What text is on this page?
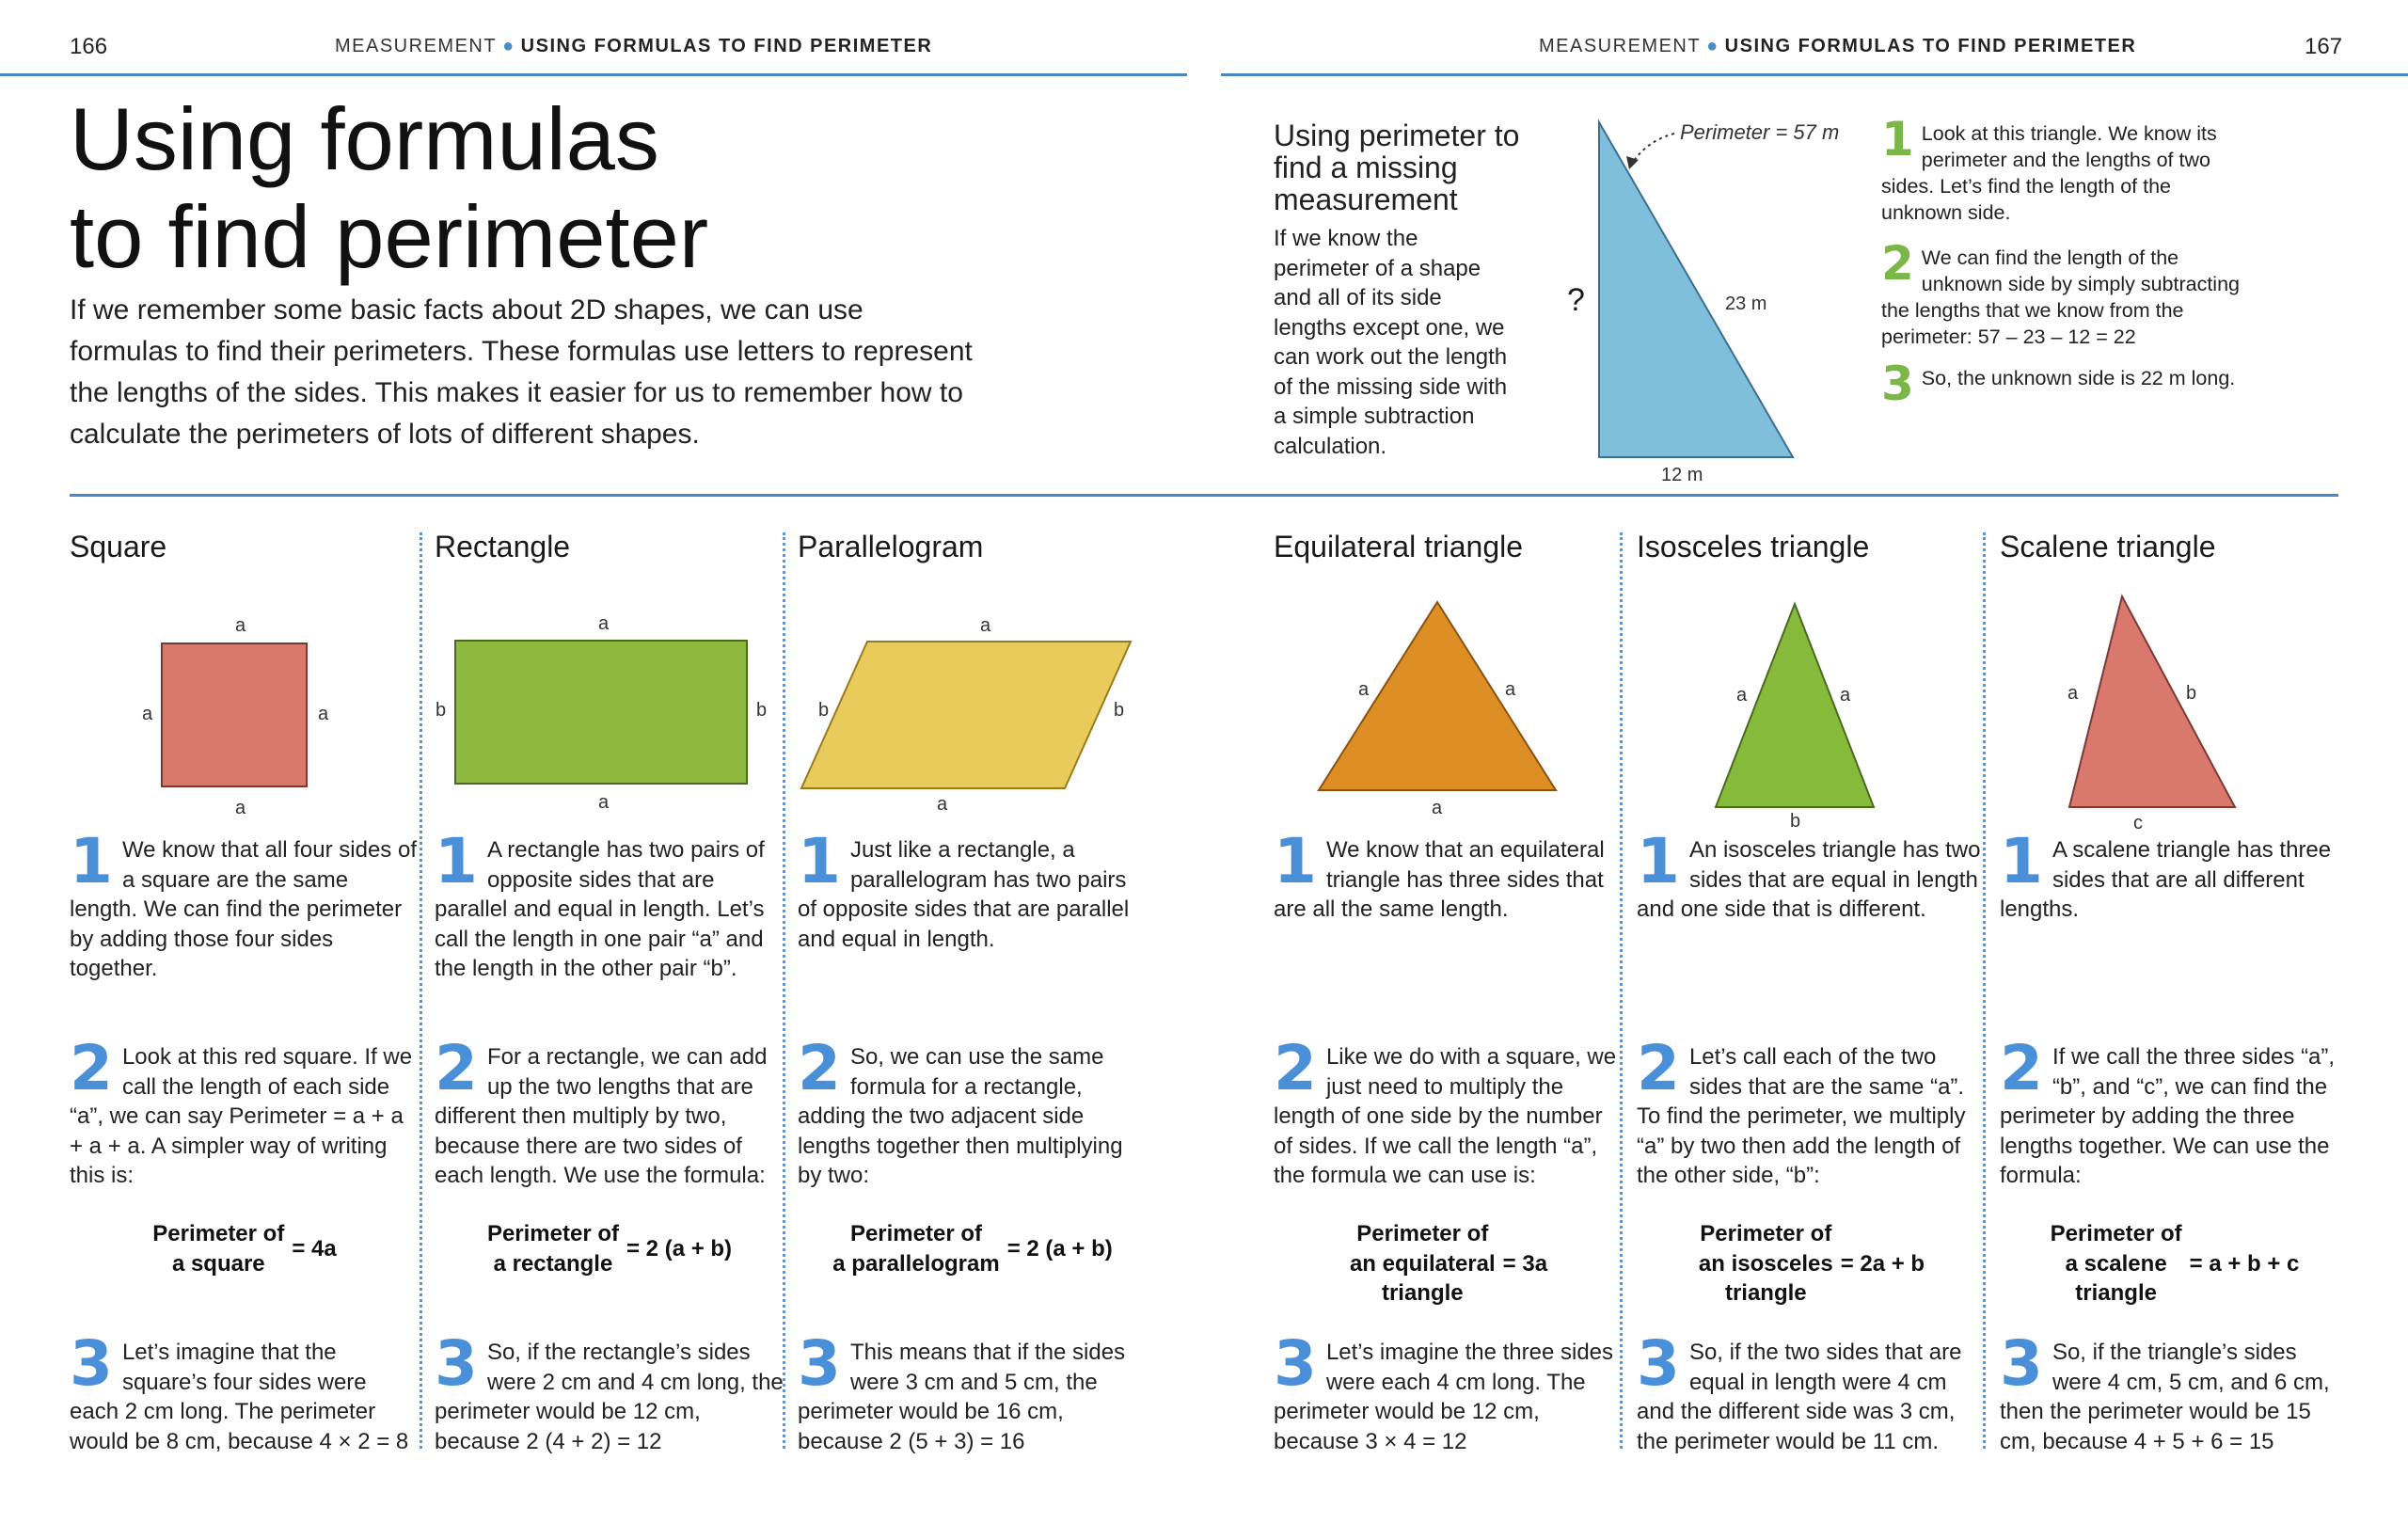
166	MEASUREMENT ● USING FORMULAS TO FIND PERIMETER	MEASUREMENT ● USING FORMULAS TO FIND PERIMETER	167
Using formulas
to find perimeter
If we remember some basic facts about 2D shapes, we can use formulas to find their perimeters. These formulas use letters to represent the lengths of the sides. This makes it easier for us to remember how to calculate the perimeters of lots of different shapes.
Using perimeter to find a missing measurement
If we know the perimeter of a shape and all of its side lengths except one, we can work out the length of the missing side with a simple subtraction calculation.
Perimeter = 57 m
?	23 m
12 m
1 Look at this triangle. We know its perimeter and the lengths of two sides. Let’s find the length of the unknown side.
2 We can find the length of the unknown side by simply subtracting the lengths that we know from the perimeter: 57 – 23 – 12 = 22
3 So, the unknown side is 22 m long.
Square
a
a
a	a
Rectangle
a
a
b	b
Parallelogram
a
a
b	b
Equilateral triangle
a	a
a
Isosceles triangle
a	a
b
Scalene triangle
a	b
c
1 We know that all four sides of a square are the same length. We can find the perimeter by adding those four sides together.
2 Look at this red square. If we call the length of each side “a”, we can say Perimeter = a + a + a + a. A simpler way of writing this is:
Perimeter of
a square
= 4a
3 Let’s imagine that the square’s four sides were each 2 cm long. The perimeter would be 8 cm, because 4 × 2 = 8
1 A rectangle has two pairs of opposite sides that are parallel and equal in length. Let’s call the length in one pair “a” and the length in the other pair “b”.
2 For a rectangle, we can add up the two lengths that are different then multiply by two, because there are two sides of each length. We use the formula:
Perimeter of
a rectangle
= 2 (a + b)
3 So, if the rectangle’s sides were 2 cm and 4 cm long, the perimeter would be 12 cm, because 2 (4 + 2) = 12
1 Just like a rectangle, a parallelogram has two pairs of opposite sides that are parallel and equal in length.
2 So, we can use the same formula for a rectangle, adding the two adjacent side lengths together then multiplying by two:
Perimeter of
a parallelogram
= 2 (a + b)
3 This means that if the sides were 3 cm and 5 cm, the perimeter would be 16 cm, because 2 (5 + 3) = 16
1 We know that an equilateral triangle has three sides that are all the same length.
2 Like we do with a square, we just need to multiply the length of one side by the number of sides. If we call the length “a”, the formula we can use is:
Perimeter of
an equilateral
triangle
= 3a
3 Let’s imagine the three sides were each 4 cm long. The perimeter would be 12 cm, because 3 × 4 = 12
1 An isosceles triangle has two sides that are equal in length and one side that is different.
2 Let’s call each of the two sides that are the same “a”. To find the perimeter, we multiply “a” by two then add the length of the other side, “b”:
Perimeter of
an isosceles
triangle
= 2a + b
3 So, if the two sides that are equal in length were 4 cm and the different side was 3 cm, the perimeter would be 11 cm.
1 A scalene triangle has three sides that are all different lengths.
2 If we call the three sides “a”, “b”, and “c”, we can find the perimeter by adding the three lengths together. We can use the formula:
Perimeter of
a scalene
triangle
= a + b + c
3 So, if the triangle’s sides were 4 cm, 5 cm, and 6 cm, then the perimeter would be 15 cm, because 4 + 5 + 6 = 15
